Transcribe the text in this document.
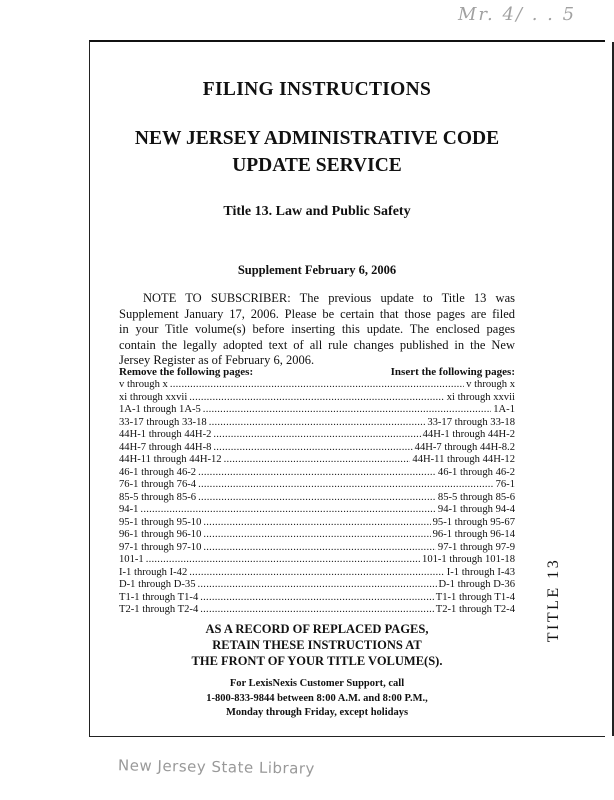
Mr. 4/ . . 5
TITLE 13
FILING INSTRUCTIONS
NEW JERSEY ADMINISTRATIVE CODE
UPDATE SERVICE
Title 13. Law and Public Safety
Supplement February 6, 2006
NOTE TO SUBSCRIBER: The previous update to Title 13 was
Supplement January 17, 2006. Please be certain that those pages are filed
in your Title volume(s) before inserting this update. The enclosed pages
contain the legally adopted text of all rule changes published in the New
Jersey Register as of February 6, 2006.
Remove the following pages:	Insert the following pages:
v through x . . .	v through x
xi through xxvii . . .	xi through xxvii
1A-1 through 1A-5 . . .	1A-1
33-17 through 33-18 . . .	33-17 through 33-18
44H-1 through 44H-2 . . .	44H-1 through 44H-2
44H-7 through 44H-8 . . .	44H-7 through 44H-8.2
44H-11 through 44H-12 . . .	44H-11 through 44H-12
46-1 through 46-2 . . .	46-1 through 46-2
76-1 through 76-4 . . .	76-1
85-5 through 85-6 . . .	85-5 through 85-6
94-1 . . .	94-1 through 94-4
95-1 through 95-10 . . .	95-1 through 95-67
96-1 through 96-10 . . .	96-1 through 96-14
97-1 through 97-10 . . .	97-1 through 97-9
101-1 . . .	101-1 through 101-18
I-1 through I-42 . . .	I-1 through I-43
D-1 through D-35 . . .	D-1 through D-36
T1-1 through T1-4 . . .	T1-1 through T1-4
T2-1 through T2-4 . . .	T2-1 through T2-4
AS A RECORD OF REPLACED PAGES,
RETAIN THESE INSTRUCTIONS AT
THE FRONT OF YOUR TITLE VOLUME(S).
For LexisNexis Customer Support, call
1-800-833-9844 between 8:00 A.M. and 8:00 P.M.,
Monday through Friday, except holidays
New Jersey State Library
